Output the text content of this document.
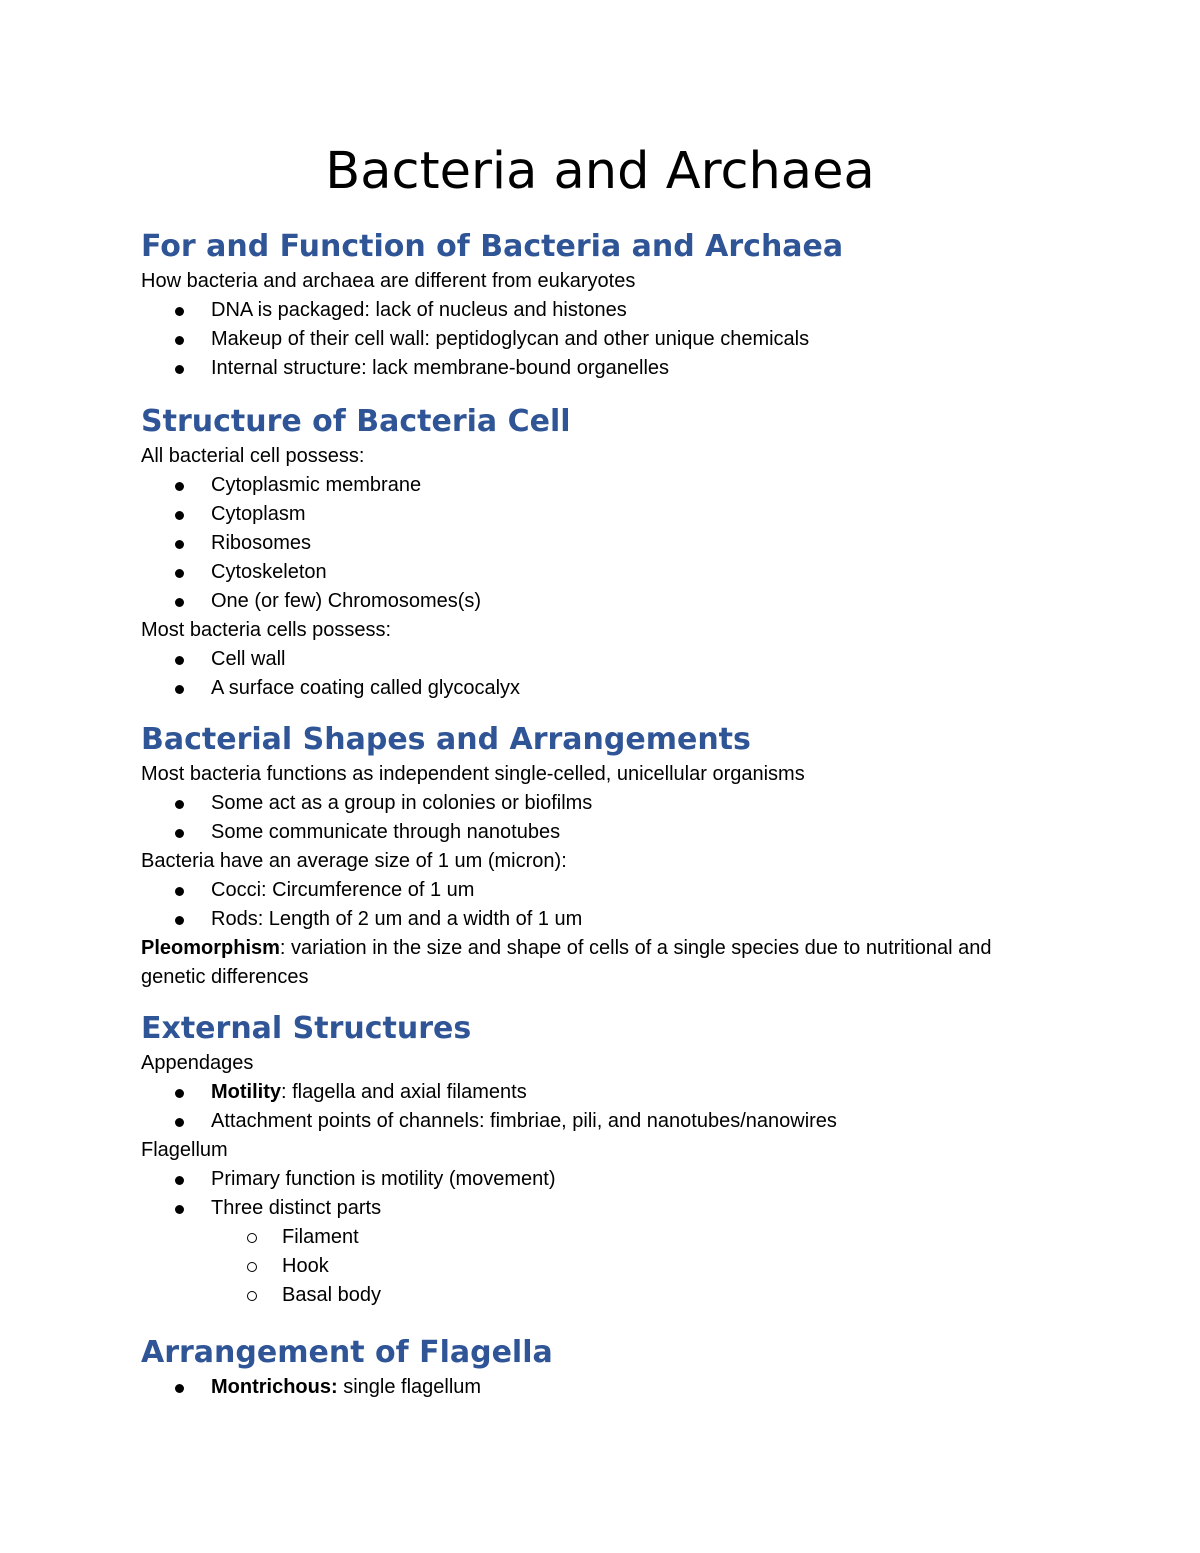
Bacteria and Archaea
For and Function of Bacteria and Archaea

How bacteria and archaea are different from eukaryotes

DNA is packaged: lack of nucleus and histones
Makeup of their cell wall: peptidoglycan and other unique chemicals
Internal structure: lack membrane-bound organelles
Structure of Bacteria Cell

All bacterial cell possess:

Cytoplasmic membrane
Cytoplasm
Ribosomes
Cytoskeleton
One (or few) Chromosomes(s)

Most bacteria cells possess:

Cell wall
A surface coating called glycocalyx
Bacterial Shapes and Arrangements

Most bacteria functions as independent single-celled, unicellular organisms

Some act as a group in colonies or biofilms
Some communicate through nanotubes

Bacteria have an average size of 1 um (micron):

Cocci: Circumference of 1 um
Rods: Length of 2 um and a width of 1 um

Pleomorphism: variation in the size and shape of cells of a single species due to nutritional and genetic differences

External Structures

Appendages

Motility: flagella and axial filaments
Attachment points of channels: fimbriae, pili, and nanotubes/nanowires

Flagellum

Primary function is motility (movement)
Three distinct parts
Filament
Hook
Basal body
Arrangement of Flagella
Montrichous: single flagellum
